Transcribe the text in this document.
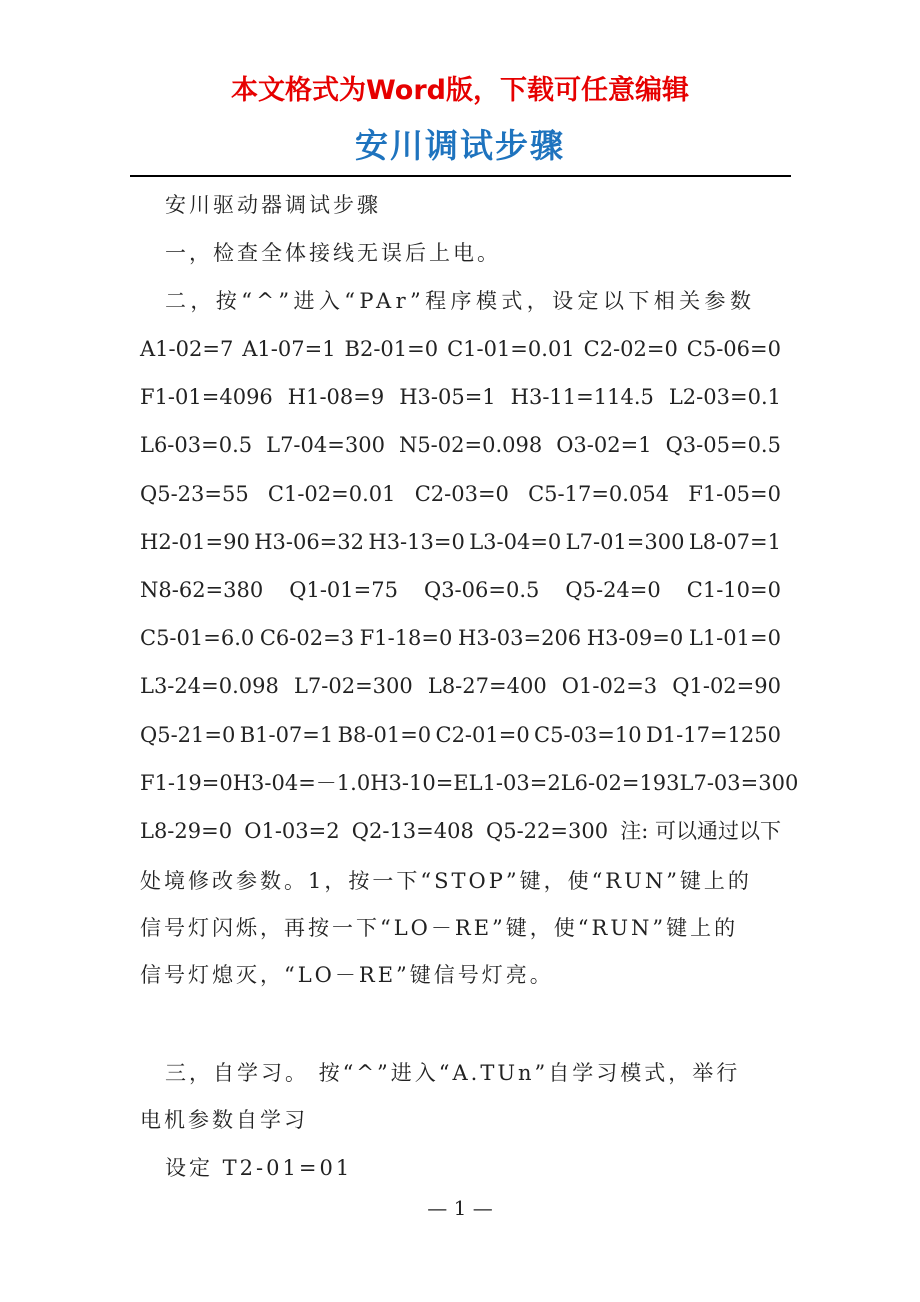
本文格式为Word版，下载可任意编辑
安川调试步骤
安川驱动器调试步骤
一，检查全体接线无误后上电。
二，按“^”进入“PAr”程序模式，设定以下相关参数
A1-02=7 A1-07=1 B2-01=0 C1-01=0.01 C2-02=0 C5-06=0
F1-01=4096 H1-08=9 H3-05=1 H3-11=114.5 L2-03=0.1
L6-03=0.5 L7-04=300 N5-02=0.098 O3-02=1 Q3-05=0.5
Q5-23=55 C1-02=0.01 C2-03=0 C5-17=0.054 F1-05=0
H2-01=90 H3-06=32 H3-13=0 L3-04=0 L7-01=300 L8-07=1
N8-62=380 Q1-01=75 Q3-06=0.5 Q5-24=0 C1-10=0
C5-01=6.0 C6-02=3 F1-18=0 H3-03=206 H3-09=0 L1-01=0
L3-24=0.098 L7-02=300 L8-27=400 O1-02=3 Q1-02=90
Q5-21=0 B1-07=1 B8-01=0 C2-01=0 C5-03=10 D1-17=1250
F1-19=0 H3-04=－1.0 H3-10=E L1-03=2 L6-02=193 L7-03=300
L8-29=0 O1-03=2 Q2-13=408 Q5-22=300 注: 可以通过以下
处境修改参数。1，按一下“STOP”键，使“RUN”键上的
信号灯闪烁，再按一下“LO－RE”键，使“RUN”键上的
信号灯熄灭，“LO－RE”键信号灯亮。
三，自学习。 按“^”进入“A.TUn”自学习模式，举行
电机参数自学习
设定 T2-01=01
— 1 —
